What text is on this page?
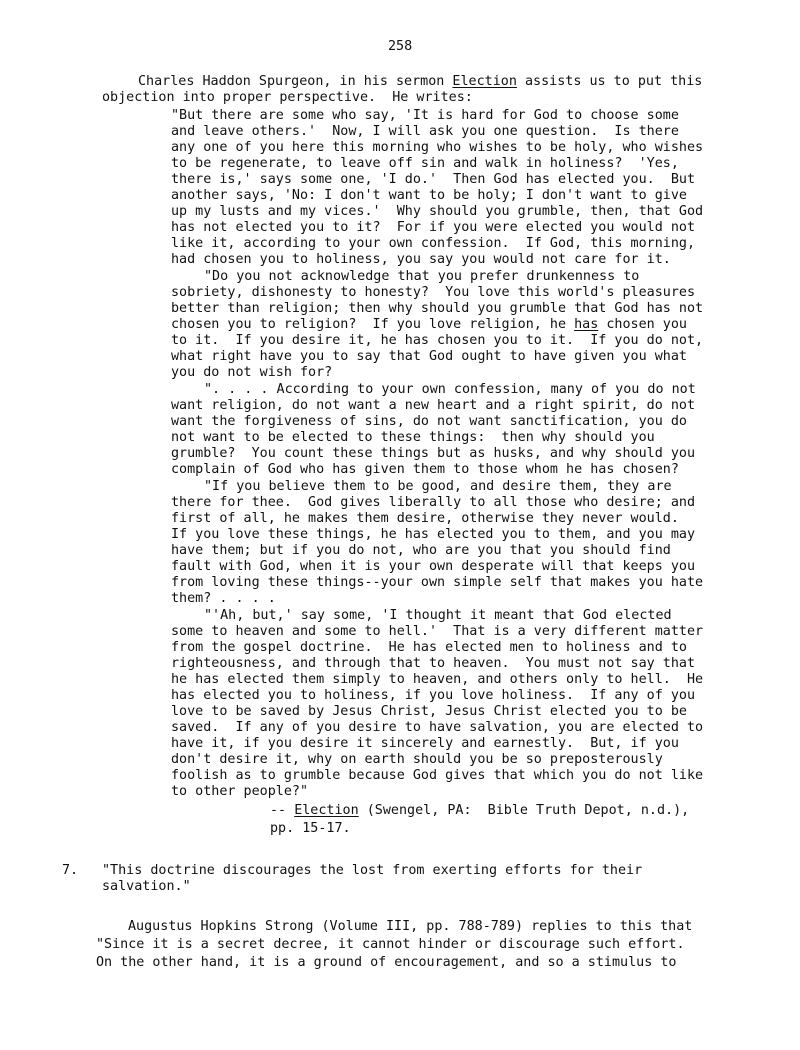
258
Charles Haddon Spurgeon, in his sermon Election assists us to put this
objection into proper perspective.  He writes:
"But there are some who say, 'It is hard for God to choose some
and leave others.'  Now, I will ask you one question.  Is there
any one of you here this morning who wishes to be holy, who wishes
to be regenerate, to leave off sin and walk in holiness?  'Yes,
there is,' says some one, 'I do.'  Then God has elected you.  But
another says, 'No: I don't want to be holy; I don't want to give
up my lusts and my vices.'  Why should you grumble, then, that God
has not elected you to it?  For if you were elected you would not
like it, according to your own confession.  If God, this morning,
had chosen you to holiness, you say you would not care for it.
"Do you not acknowledge that you prefer drunkenness to
sobriety, dishonesty to honesty?  You love this world's pleasures
better than religion; then why should you grumble that God has not
chosen you to religion?  If you love religion, he has chosen you
to it.  If you desire it, he has chosen you to it.  If you do not,
what right have you to say that God ought to have given you what
you do not wish for?
". . . . According to your own confession, many of you do not
want religion, do not want a new heart and a right spirit, do not
want the forgiveness of sins, do not want sanctification, you do
not want to be elected to these things:  then why should you
grumble?  You count these things but as husks, and why should you
complain of God who has given them to those whom he has chosen?
"If you believe them to be good, and desire them, they are
there for thee.  God gives liberally to all those who desire; and
first of all, he makes them desire, otherwise they never would.
If you love these things, he has elected you to them, and you may
have them; but if you do not, who are you that you should find
fault with God, when it is your own desperate will that keeps you
from loving these things--your own simple self that makes you hate
them? . . . .
"'Ah, but,' say some, 'I thought it meant that God elected
some to heaven and some to hell.'  That is a very different matter
from the gospel doctrine.  He has elected men to holiness and to
righteousness, and through that to heaven.  You must not say that
he has elected them simply to heaven, and others only to hell.  He
has elected you to holiness, if you love holiness.  If any of you
love to be saved by Jesus Christ, Jesus Christ elected you to be
saved.  If any of you desire to have salvation, you are elected to
have it, if you desire it sincerely and earnestly.  But, if you
don't desire it, why on earth should you be so preposterously
foolish as to grumble because God gives that which you do not like
to other people?"
-- Election (Swengel, PA:  Bible Truth Depot, n.d.),
pp. 15-17.
7. "This doctrine discourages the lost from exerting efforts for their
salvation."
Augustus Hopkins Strong (Volume III, pp. 788-789) replies to this that
"Since it is a secret decree, it cannot hinder or discourage such effort.
On the other hand, it is a ground of encouragement, and so a stimulus to
